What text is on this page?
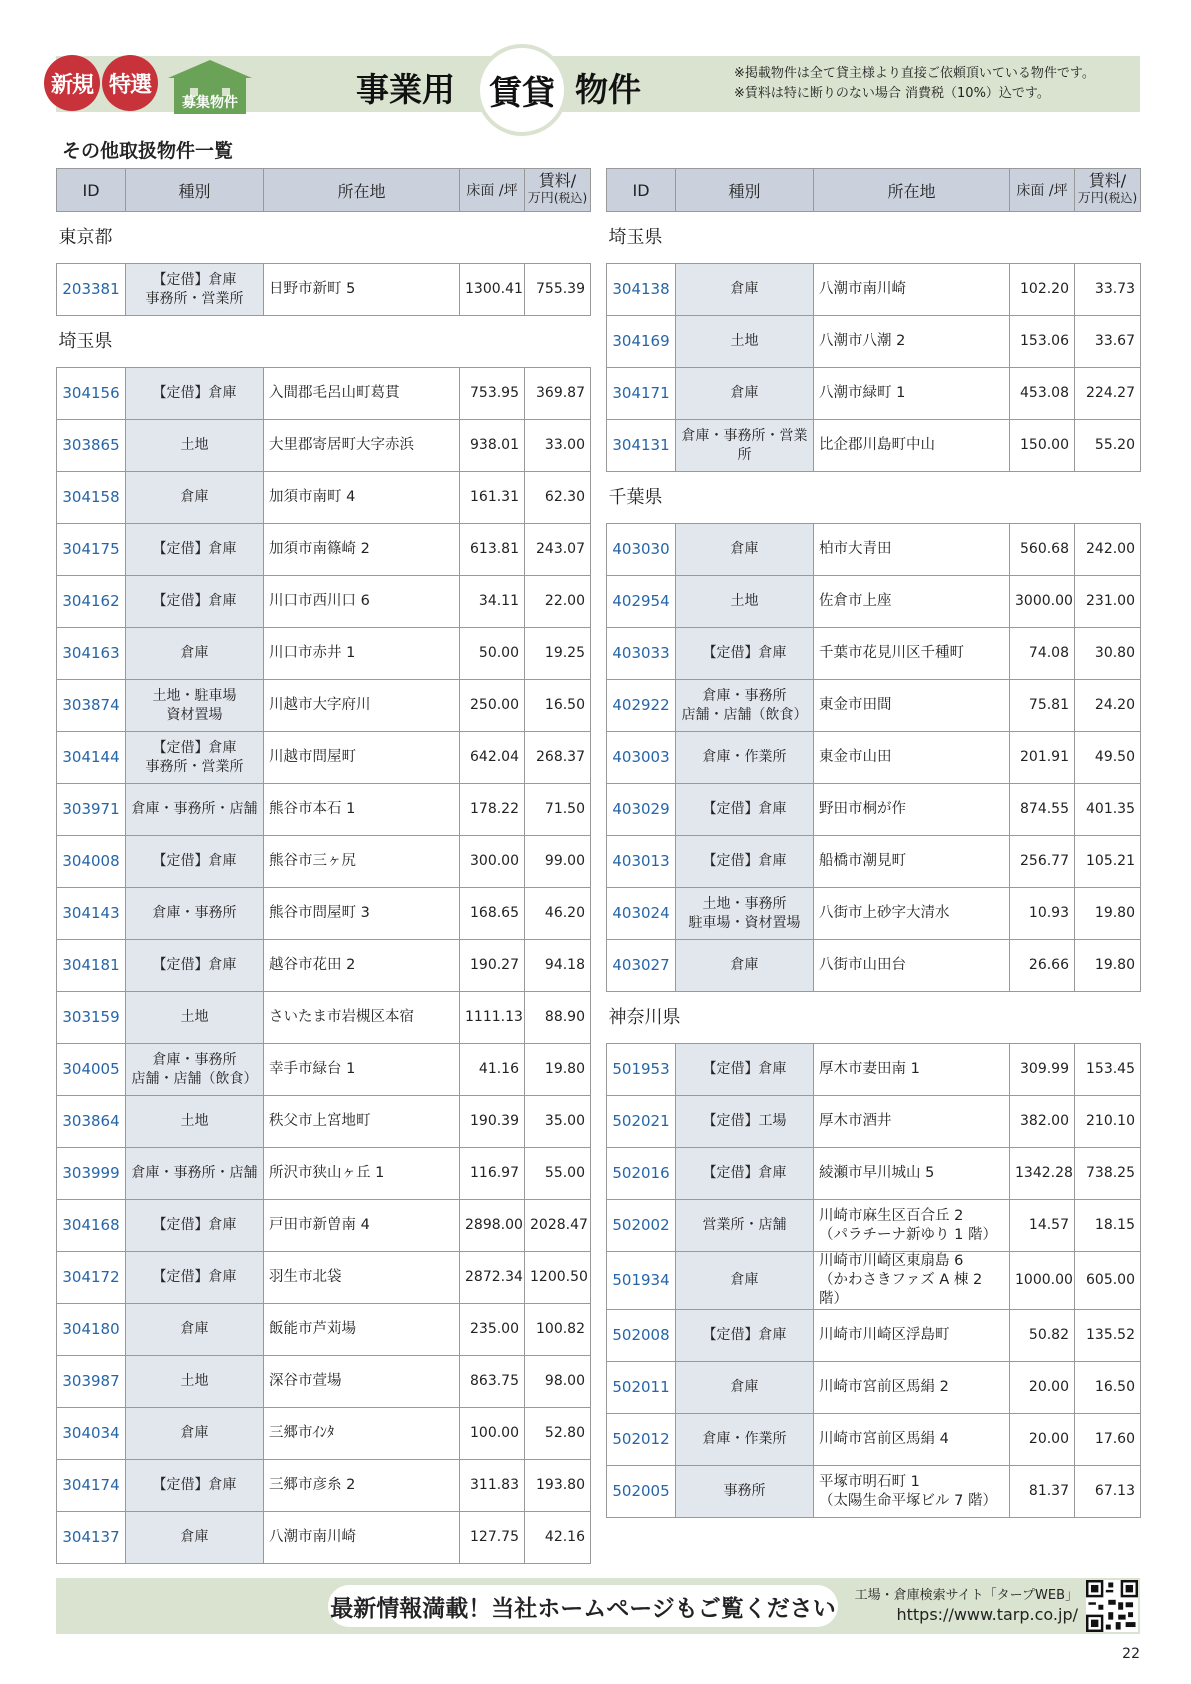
新規 特選
募集物件	事業用	賃貸 物件	※掲載物件は全て貸主様より直接ご依頼頂いている物件です。
※賃料は特に断りのない場合 消費税（10%）込です。
その他取扱物件一覧
ID	種別	所在地	床面 /坪	賃料/
万円(税込)
東京都				
203381	【定借】倉庫
事務所・営業所	日野市新町 5	1300.41	755.39
埼玉県				
304156	【定借】倉庫	入間郡毛呂山町葛貫	753.95	369.87
303865	土地	大里郡寄居町大字赤浜	938.01	33.00
304158	倉庫	加須市南町 4	161.31	62.30
304175	【定借】倉庫	加須市南篠崎 2	613.81	243.07
304162	【定借】倉庫	川口市西川口 6	34.11	22.00
304163	倉庫	川口市赤井 1	50.00	19.25
303874	土地・駐車場
資材置場	川越市大字府川	250.00	16.50
304144	【定借】倉庫
事務所・営業所	川越市問屋町	642.04	268.37
303971	倉庫・事務所・店舗	熊谷市本石 1	178.22	71.50
304008	【定借】倉庫	熊谷市三ヶ尻	300.00	99.00
304143	倉庫・事務所	熊谷市問屋町 3	168.65	46.20
304181	【定借】倉庫	越谷市花田 2	190.27	94.18
303159	土地	さいたま市岩槻区本宿	1111.13	88.90
304005	倉庫・事務所
店舗・店舗（飲食）	幸手市緑台 1	41.16	19.80
303864	土地	秩父市上宮地町	190.39	35.00
303999	倉庫・事務所・店舗	所沢市狭山ヶ丘 1	116.97	55.00
304168	【定借】倉庫	戸田市新曽南 4	2898.00	2028.47
304172	【定借】倉庫	羽生市北袋	2872.34	1200.50
304180	倉庫	飯能市芦苅場	235.00	100.82
303987	土地	深谷市萱場	863.75	98.00
304034	倉庫	三郷市ｲﾝﾀ	100.00	52.80
304174	【定借】倉庫	三郷市彦糸 2	311.83	193.80
304137	倉庫	八潮市南川崎	127.75	42.16
ID	種別	所在地	床面 /坪	賃料/
万円(税込)
埼玉県				
304138	倉庫	八潮市南川崎	102.20	33.73
304169	土地	八潮市八潮 2	153.06	33.67
304171	倉庫	八潮市緑町 1	453.08	224.27
304131	倉庫・事務所・営業所	比企郡川島町中山	150.00	55.20
千葉県				
403030	倉庫	柏市大青田	560.68	242.00
402954	土地	佐倉市上座	3000.00	231.00
403033	【定借】倉庫	千葉市花見川区千種町	74.08	30.80
402922	倉庫・事務所
店舗・店舗（飲食）	東金市田間	75.81	24.20
403003	倉庫・作業所	東金市山田	201.91	49.50
403029	【定借】倉庫	野田市桐が作	874.55	401.35
403013	【定借】倉庫	船橋市潮見町	256.77	105.21
403024	土地・事務所
駐車場・資材置場	八街市上砂字大清水	10.93	19.80
403027	倉庫	八街市山田台	26.66	19.80
神奈川県				
501953	【定借】倉庫	厚木市妻田南 1	309.99	153.45
502021	【定借】工場	厚木市酒井	382.00	210.10
502016	【定借】倉庫	綾瀬市早川城山 5	1342.28	738.25
502002	営業所・店舗	川崎市麻生区百合丘 2
（パラチーナ新ゆり 1 階）	14.57	18.15
501934	倉庫	川崎市川崎区東扇島 6
（かわさきファズ A 棟 2 階）	1000.00	605.00
502008	【定借】倉庫	川崎市川崎区浮島町	50.82	135.52
502011	倉庫	川崎市宮前区馬絹 2	20.00	16.50
502012	倉庫・作業所	川崎市宮前区馬絹 4	20.00	17.60
502005	事務所	平塚市明石町 1
（太陽生命平塚ビル 7 階）	81.37	67.13
最新情報満載！当社ホームページもご覧ください 工場・倉庫検索サイト「タープWEB」
https://www.tarp.co.jp/
22
